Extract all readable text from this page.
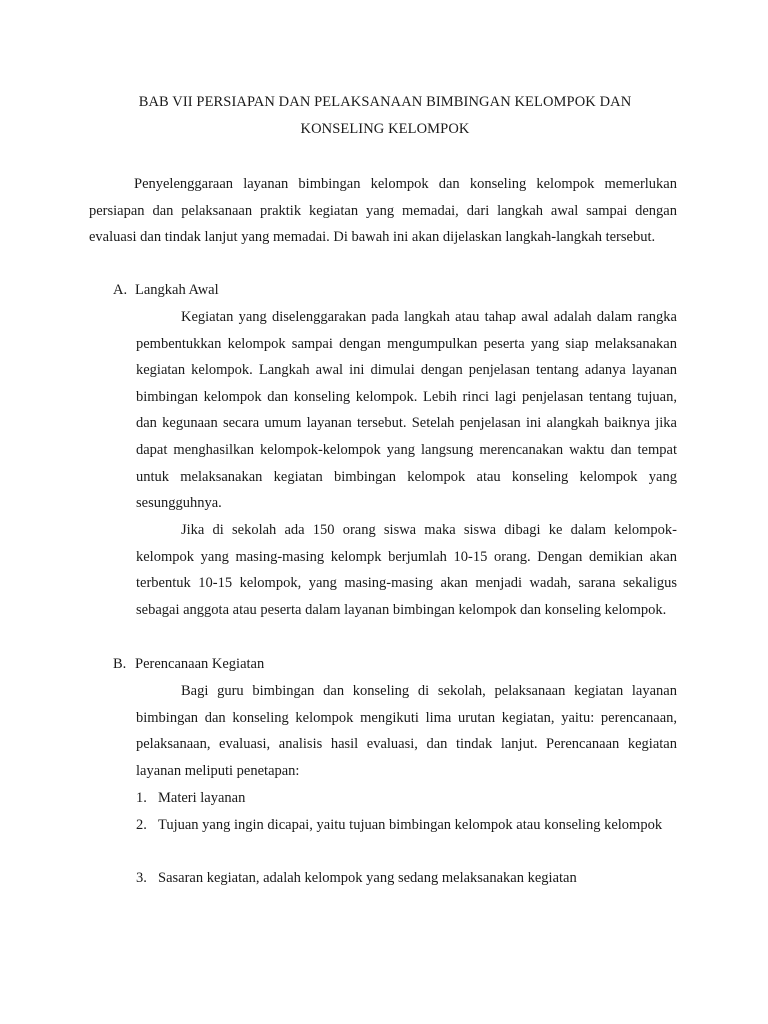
BAB VII PERSIAPAN DAN PELAKSANAAN BIMBINGAN KELOMPOK DAN
KONSELING KELOMPOK

Penyelenggaraan layanan bimbingan kelompok dan konseling kelompok memerlukan persiapan dan pelaksanaan praktik kegiatan yang memadai, dari langkah awal sampai dengan evaluasi dan tindak lanjut yang memadai. Di bawah ini akan dijelaskan langkah-langkah tersebut.

A. Langkah Awal

Kegiatan yang diselenggarakan pada langkah atau tahap awal adalah dalam rangka pembentukkan kelompok sampai dengan mengumpulkan peserta yang siap melaksanakan kegiatan kelompok. Langkah awal ini dimulai dengan penjelasan tentang adanya layanan bimbingan kelompok dan konseling kelompok. Lebih rinci lagi penjelasan tentang tujuan, dan kegunaan secara umum layanan tersebut. Setelah penjelasan ini alangkah baiknya jika dapat menghasilkan kelompok-kelompok yang langsung merencanakan waktu dan tempat untuk melaksanakan kegiatan bimbingan kelompok atau konseling kelompok yang sesungguhnya.

Jika di sekolah ada 150 orang siswa maka siswa dibagi ke dalam kelompok-kelompok yang masing-masing kelompk berjumlah 10-15 orang. Dengan demikian akan terbentuk 10-15 kelompok, yang masing-masing akan menjadi wadah, sarana sekaligus sebagai anggota atau peserta dalam layanan bimbingan kelompok dan konseling kelompok.

B. Perencanaan Kegiatan

Bagi guru bimbingan dan konseling di sekolah, pelaksanaan kegiatan layanan bimbingan dan konseling kelompok mengikuti lima urutan kegiatan, yaitu: perencanaan, pelaksanaan, evaluasi, analisis hasil evaluasi, dan tindak lanjut. Perencanaan kegiatan layanan meliputi penetapan:

1. Materi layanan
2. Tujuan yang ingin dicapai, yaitu tujuan bimbingan kelompok atau konseling kelompok
3. Sasaran kegiatan, adalah kelompok yang sedang melaksanakan kegiatan
